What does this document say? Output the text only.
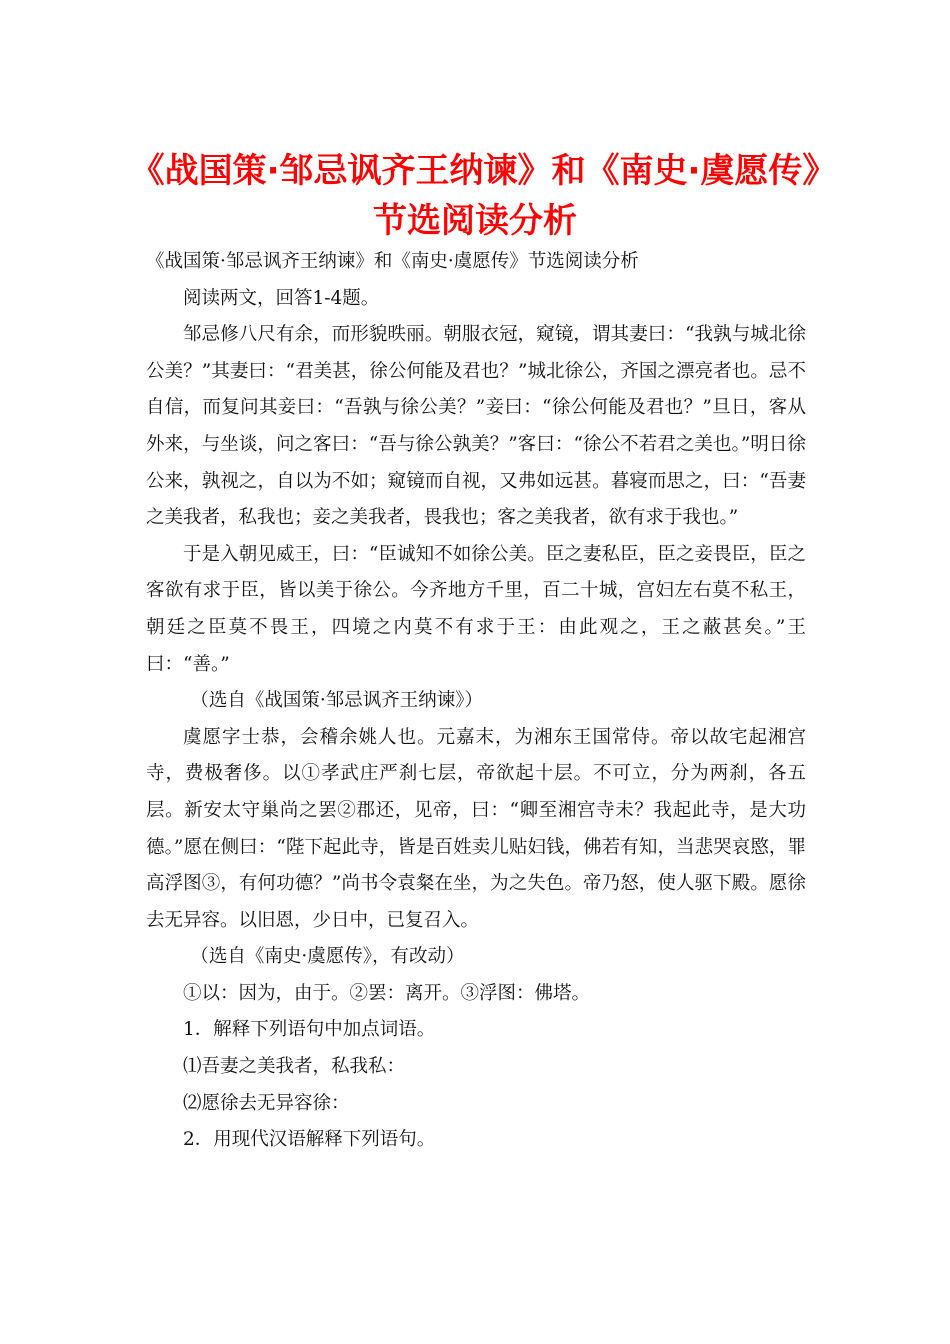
《战国策·邹忌讽齐王纳谏》和《南史·虞愿传》节选阅读分析

《战国策·邹忌讽齐王纳谏》和《南史·虞愿传》节选阅读分析

阅读两文，回答1-4题。

邹忌修八尺有余，而形貌昳丽。朝服衣冠，窥镜，谓其妻曰：“我孰与城北徐公美？”其妻曰：“君美甚，徐公何能及君也？”城北徐公，齐国之漂亮者也。忌不自信，而复问其妾曰：“吾孰与徐公美？”妾曰：“徐公何能及君也？”旦日，客从外来，与坐谈，问之客曰：“吾与徐公孰美？”客曰：“徐公不若君之美也。”明日徐公来，孰视之，自以为不如；窥镜而自视，又弗如远甚。暮寝而思之，曰：“吾妻之美我者，私我也；妾之美我者，畏我也；客之美我者，欲有求于我也。”

于是入朝见威王，曰：“臣诚知不如徐公美。臣之妻私臣，臣之妾畏臣，臣之客欲有求于臣，皆以美于徐公。今齐地方千里，百二十城，宫妇左右莫不私王，朝廷之臣莫不畏王，四境之内莫不有求于王：由此观之，王之蔽甚矣。”王曰：“善。”

（选自《战国策·邹忌讽齐王纳谏》）

虞愿字士恭，会稽余姚人也。元嘉末，为湘东王国常侍。帝以故宅起湘宫寺，费极奢侈。以①孝武庄严刹七层，帝欲起十层。不可立，分为两刹，各五层。新安太守巢尚之罢②郡还，见帝，曰：“卿至湘宫寺未？我起此寺，是大功德。”愿在侧曰：“陛下起此寺，皆是百姓卖儿贴妇钱，佛若有知，当悲哭哀愍，罪高浮图③，有何功德？”尚书令袁粲在坐，为之失色。帝乃怒，使人驱下殿。愿徐去无异容。以旧恩，少日中，已复召入。

（选自《南史·虞愿传》，有改动）

①以：因为，由于。②罢：离开。③浮图：佛塔。

1．解释下列语句中加点词语。

⑴吾妻之美我者，私我私：

⑵愿徐去无异容徐：

2．用现代汉语解释下列语句。
